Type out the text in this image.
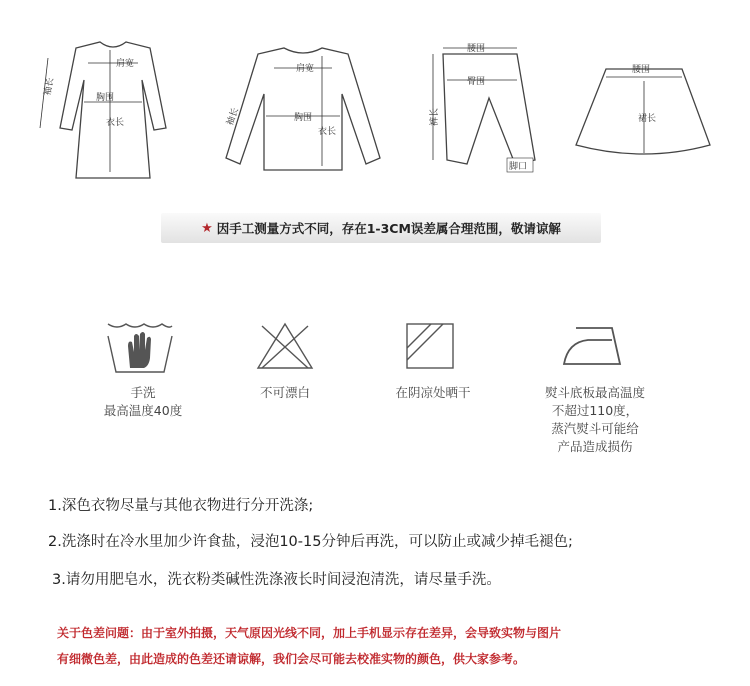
肩宽
胸围
衣长
袖长
肩宽
胸围
衣长
袖长
腰围
臀围
裤长
脚口
腰围
裙长
★ 因手工测量方式不同，存在1-3CM误差属合理范围，敬请谅解
手洗
最高温度40度
不可漂白	在阴凉处晒干	熨斗底板最高温度
不超过110度，
蒸汽熨斗可能给
产品造成损伤
1.深色衣物尽量与其他衣物进行分开洗涤;
2.洗涤时在冷水里加少许食盐，浸泡10-15分钟后再洗，可以防止或减少掉毛褪色;
3.请勿用肥皂水，洗衣粉类碱性洗涤液长时间浸泡清洗，请尽量手洗。
关于色差问题：由于室外拍摄，天气原因光线不同，加上手机显示存在差异，会导致实物与图片
有细微色差，由此造成的色差还请谅解，我们会尽可能去校准实物的颜色，供大家参考。
